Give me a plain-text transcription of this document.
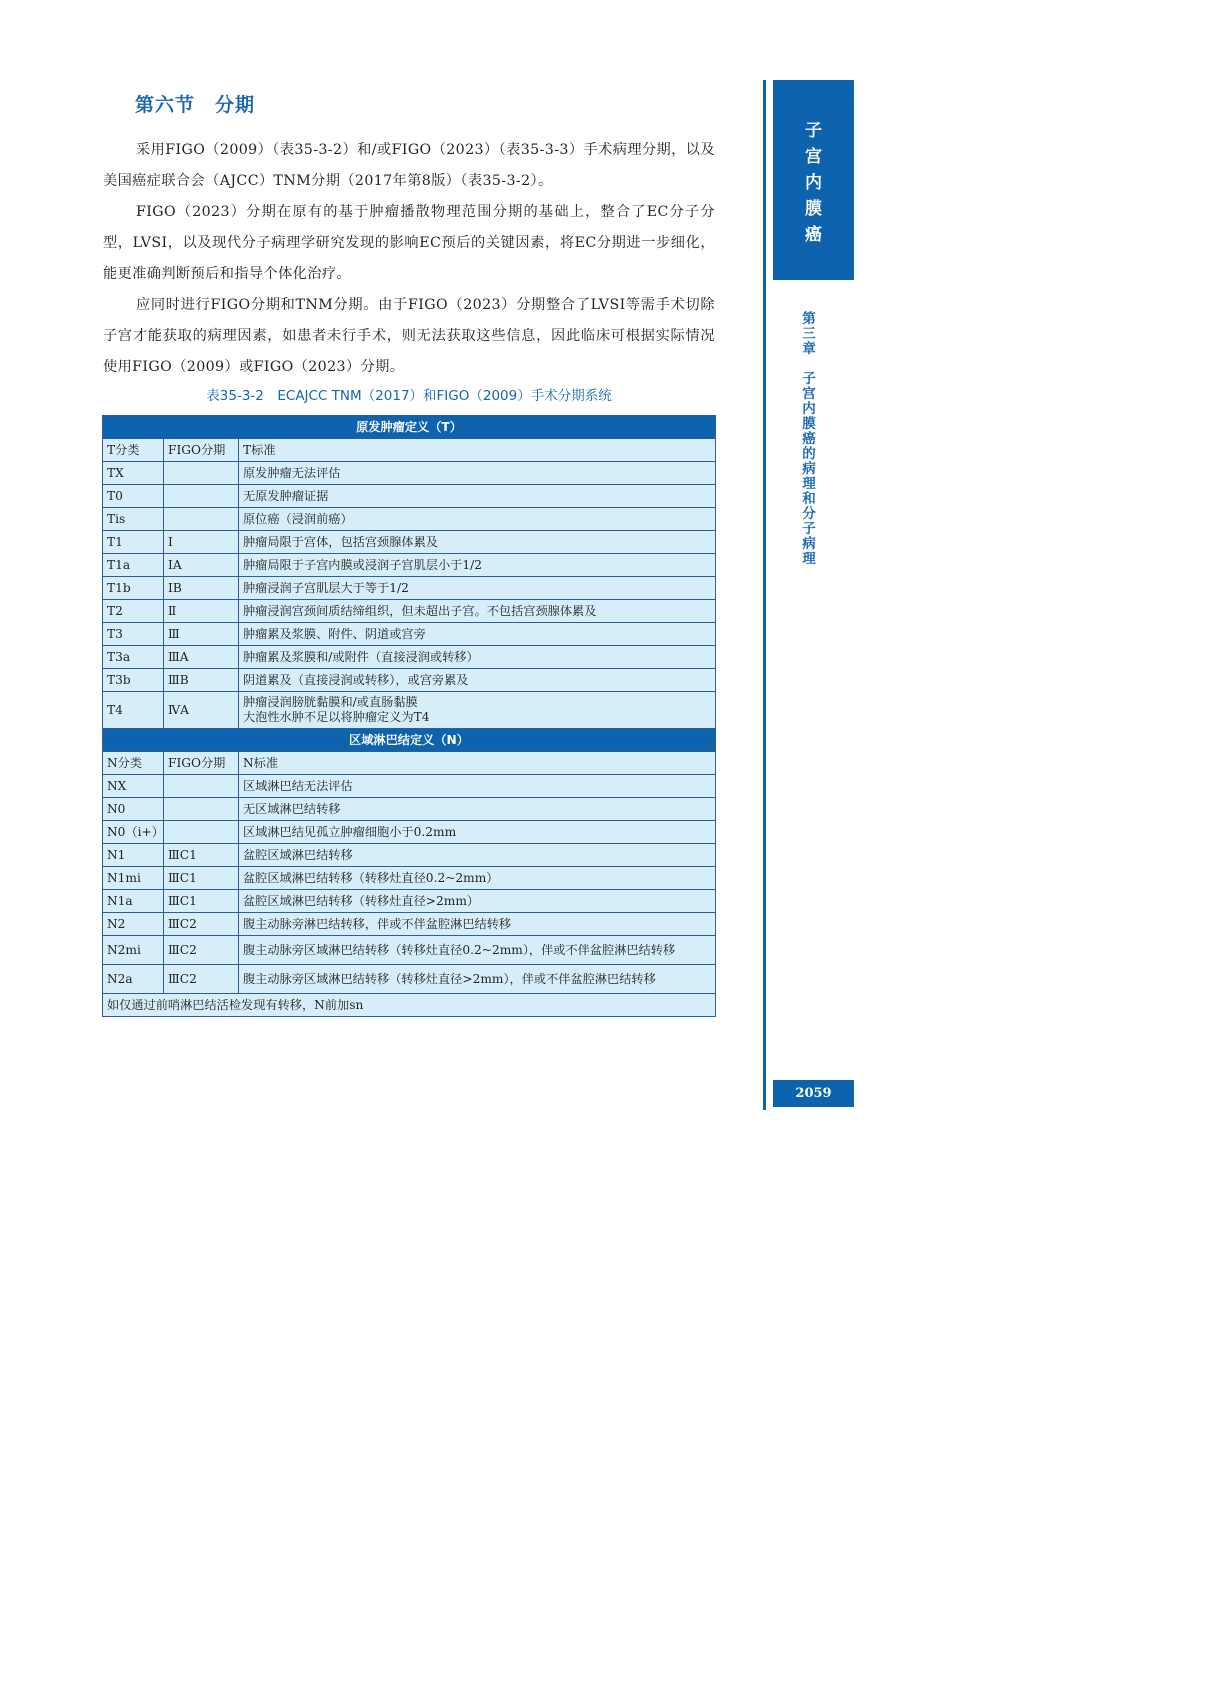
第六节　分期

采用FIGO（2009）（表35-3-2）和/或FIGO（2023）（表35-3-3）手术病理分期，以及美国癌症联合会（AJCC）TNM分期（2017年第8版）（表35-3-2）。

FIGO（2023）分期在原有的基于肿瘤播散物理范围分期的基础上，整合了EC分子分型，LVSI，以及现代分子病理学研究发现的影响EC预后的关键因素，将EC分期进一步细化，能更准确判断预后和指导个体化治疗。

应同时进行FIGO分期和TNM分期。由于FIGO（2023）分期整合了LVSI等需手术切除子宫才能获取的病理因素，如患者未行手术，则无法获取这些信息，因此临床可根据实际情况使用FIGO（2009）或FIGO（2023）分期。

表35-3-2　ECAJCC TNM（2017）和FIGO（2009）手术分期系统
原发肿瘤定义（T）		
T分类	FIGO分期	T标准
TX		原发肿瘤无法评估
T0		无原发肿瘤证据
Tis		原位癌（浸润前癌）
T1	Ⅰ	肿瘤局限于宫体，包括宫颈腺体累及
T1a	ⅠA	肿瘤局限于子宫内膜或浸润子宫肌层小于1/2
T1b	ⅠB	肿瘤浸润子宫肌层大于等于1/2
T2	Ⅱ	肿瘤浸润宫颈间质结缔组织，但未超出子宫。不包括宫颈腺体累及
T3	Ⅲ	肿瘤累及浆膜、附件、阴道或宫旁
T3a	ⅢA	肿瘤累及浆膜和/或附件（直接浸润或转移）
T3b	ⅢB	阴道累及（直接浸润或转移），或宫旁累及
T4	ⅣA	肿瘤浸润膀胱黏膜和/或直肠黏膜
大泡性水肿不足以将肿瘤定义为T4
区域淋巴结定义（N）		
N分类	FIGO分期	N标准
NX		区域淋巴结无法评估
N0		无区域淋巴结转移
N0（i+）		区域淋巴结见孤立肿瘤细胞小于0.2mm
N1	ⅢC1	盆腔区域淋巴结转移
N1mi	ⅢC1	盆腔区域淋巴结转移（转移灶直径0.2~2mm）
N1a	ⅢC1	盆腔区域淋巴结转移（转移灶直径>2mm）
N2	ⅢC2	腹主动脉旁淋巴结转移，伴或不伴盆腔淋巴结转移
N2mi	ⅢC2	腹主动脉旁区域淋巴结转移（转移灶直径0.2~2mm），伴或不伴盆腔淋巴结转移
N2a	ⅢC2	腹主动脉旁区域淋巴结转移（转移灶直径>2mm），伴或不伴盆腔淋巴结转移
如仅通过前哨淋巴结活检发现有转移，N前加sn		
子
宫
内
膜
癌
第
三
章

子
宫
内
膜
癌
的
病
理
和
分
子
病
理
2059
